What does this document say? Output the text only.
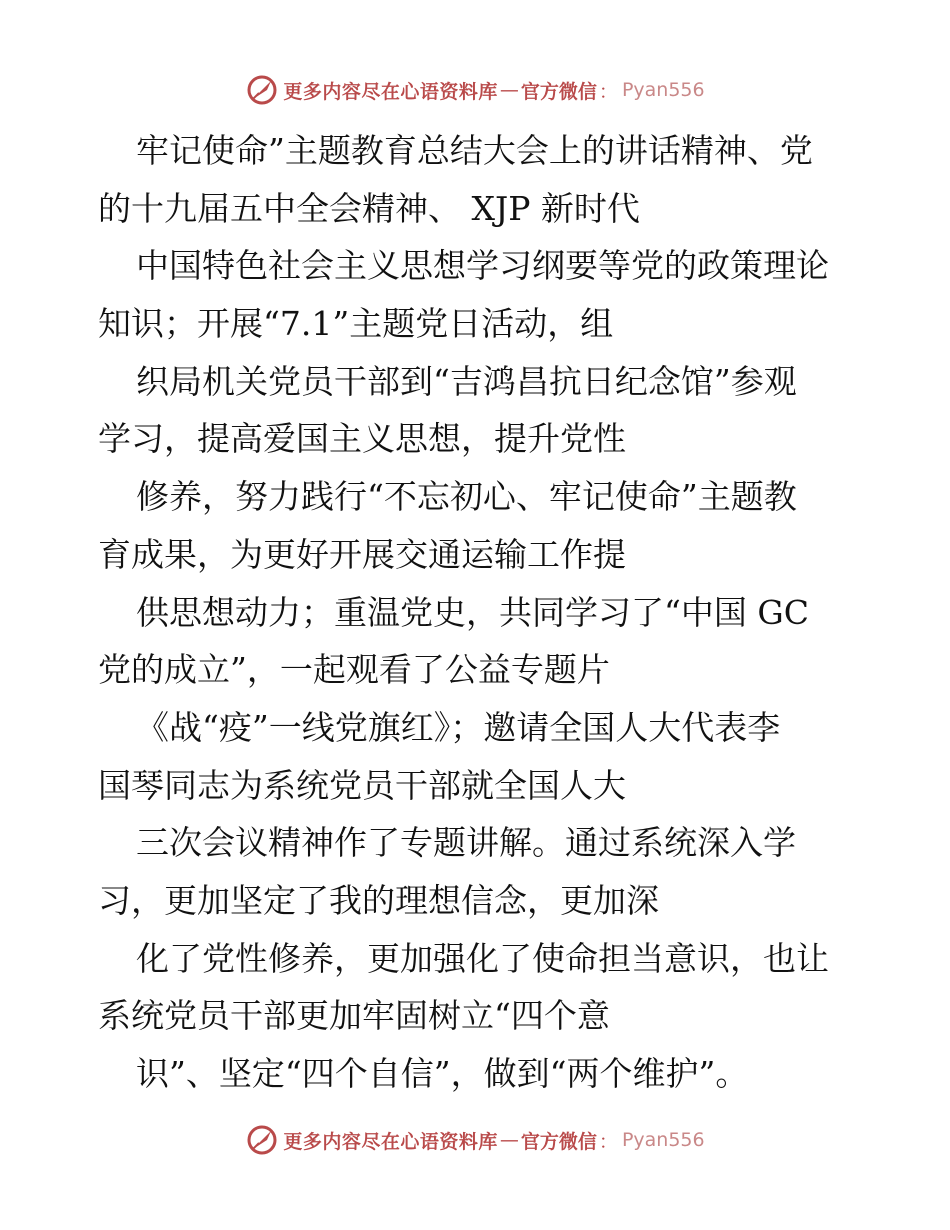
更多内容尽在心语资料库 — 官方微信 ： Pyan556
牢记使命”主题教育总结大会上的讲话精神、党
的十九届五中全会精神、 XJP 新时代
中国特色社会主义思想学习纲要等党的政策理论
知识；开展“7.1”主题党日活动，组
织局机关党员干部到“吉鸿昌抗日纪念馆”参观
学习，提高爱国主义思想，提升党性
修养，努力践行“不忘初心、牢记使命”主题教
育成果，为更好开展交通运输工作提
供思想动力；重温党史，共同学习了“中国 GC
党的成立”，一起观看了公益专题片
《战“疫”一线党旗红》；邀请全国人大代表李
国琴同志为系统党员干部就全国人大
三次会议精神作了专题讲解。通过系统深入学
习，更加坚定了我的理想信念，更加深
化了党性修养，更加强化了使命担当意识，也让
系统党员干部更加牢固树立“四个意
识”、坚定“四个自信”，做到“两个维护”。
更多内容尽在心语资料库 — 官方微信 ： Pyan556
